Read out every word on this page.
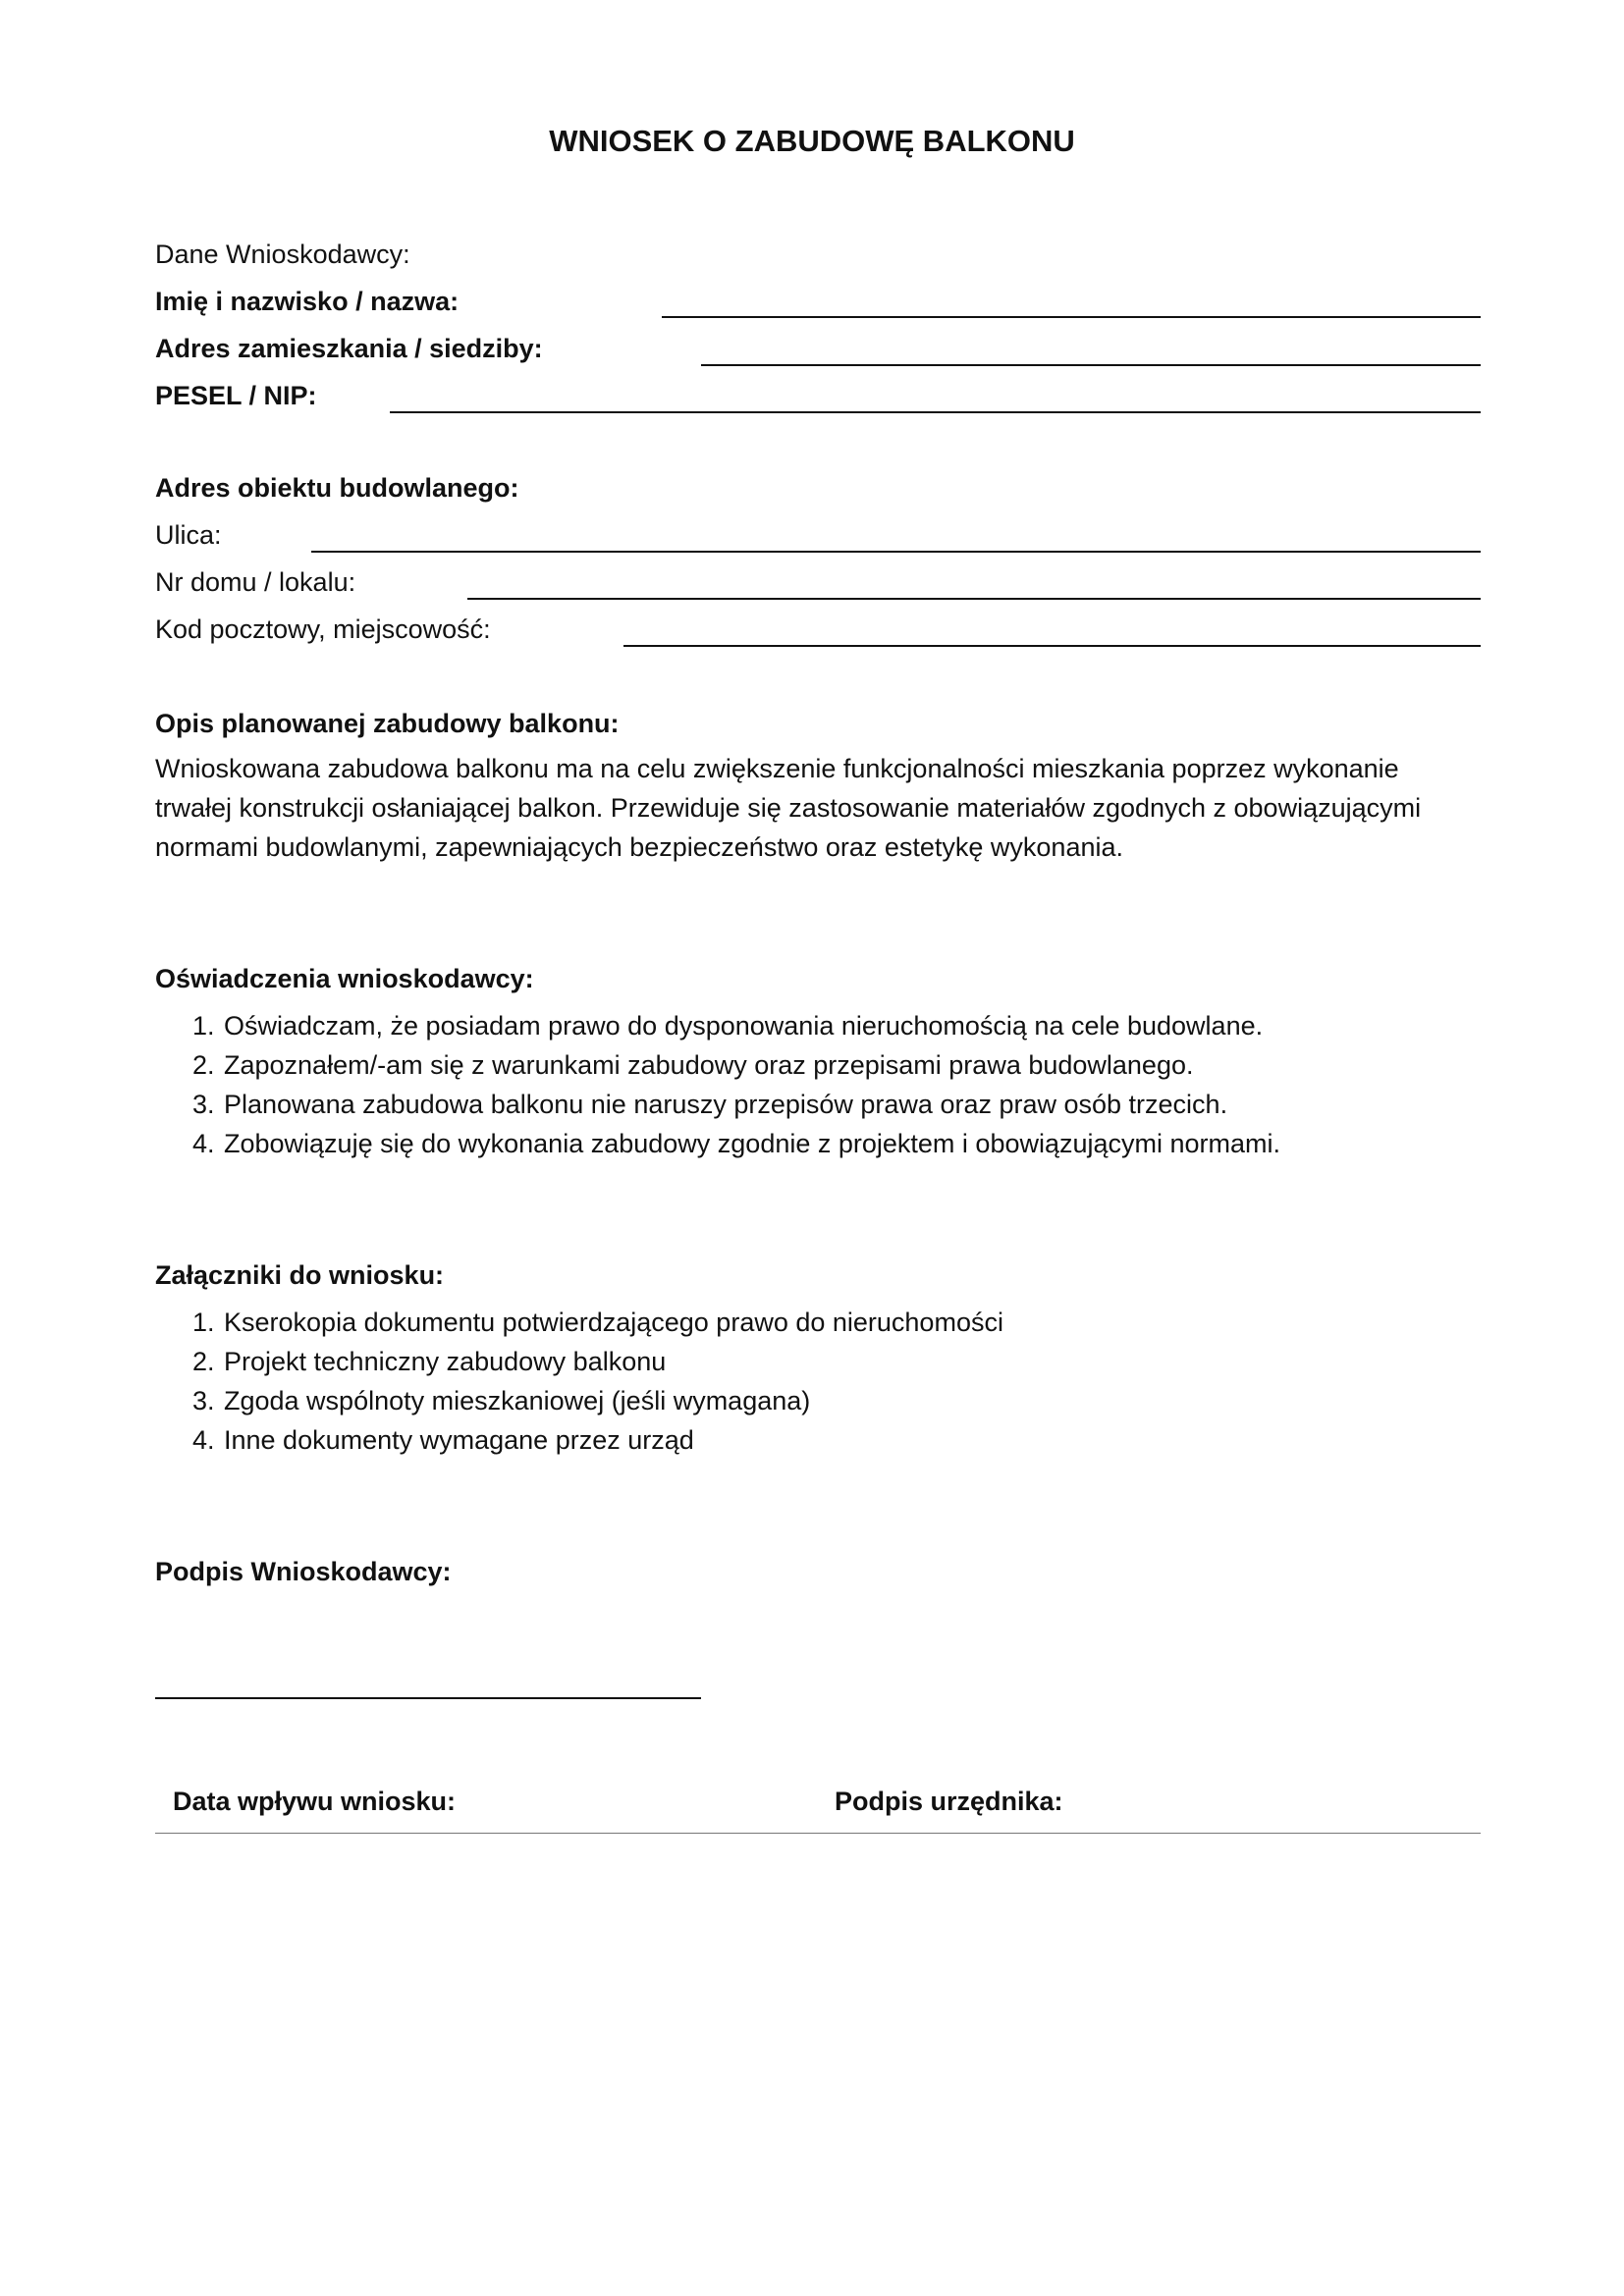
WNIOSEK O ZABUDOWĘ BALKONU
Dane Wnioskodawcy:
Imię i nazwisko / nazwa:
Adres zamieszkania / siedziby:
PESEL / NIP:
Adres obiektu budowlanego:
Ulica:
Nr domu / lokalu:
Kod pocztowy, miejscowość:
Opis planowanej zabudowy balkonu:
Wnioskowana zabudowa balkonu ma na celu zwiększenie funkcjonalności mieszkania poprzez wykonanie
trwałej konstrukcji osłaniającej balkon. Przewiduje się zastosowanie materiałów zgodnych z obowiązującymi
normami budowlanymi, zapewniających bezpieczeństwo oraz estetykę wykonania.
Oświadczenia wnioskodawcy:
1. Oświadczam, że posiadam prawo do dysponowania nieruchomością na cele budowlane.
2. Zapoznałem/-am się z warunkami zabudowy oraz przepisami prawa budowlanego.
3. Planowana zabudowa balkonu nie naruszy przepisów prawa oraz praw osób trzecich.
4. Zobowiązuję się do wykonania zabudowy zgodnie z projektem i obowiązującymi normami.
Załączniki do wniosku:
1. Kserokopia dokumentu potwierdzającego prawo do nieruchomości
2. Projekt techniczny zabudowy balkonu
3. Zgoda wspólnoty mieszkaniowej (jeśli wymagana)
4. Inne dokumenty wymagane przez urząd
Podpis Wnioskodawcy:
Data wpływu wniosku:	Podpis urzędnika:
